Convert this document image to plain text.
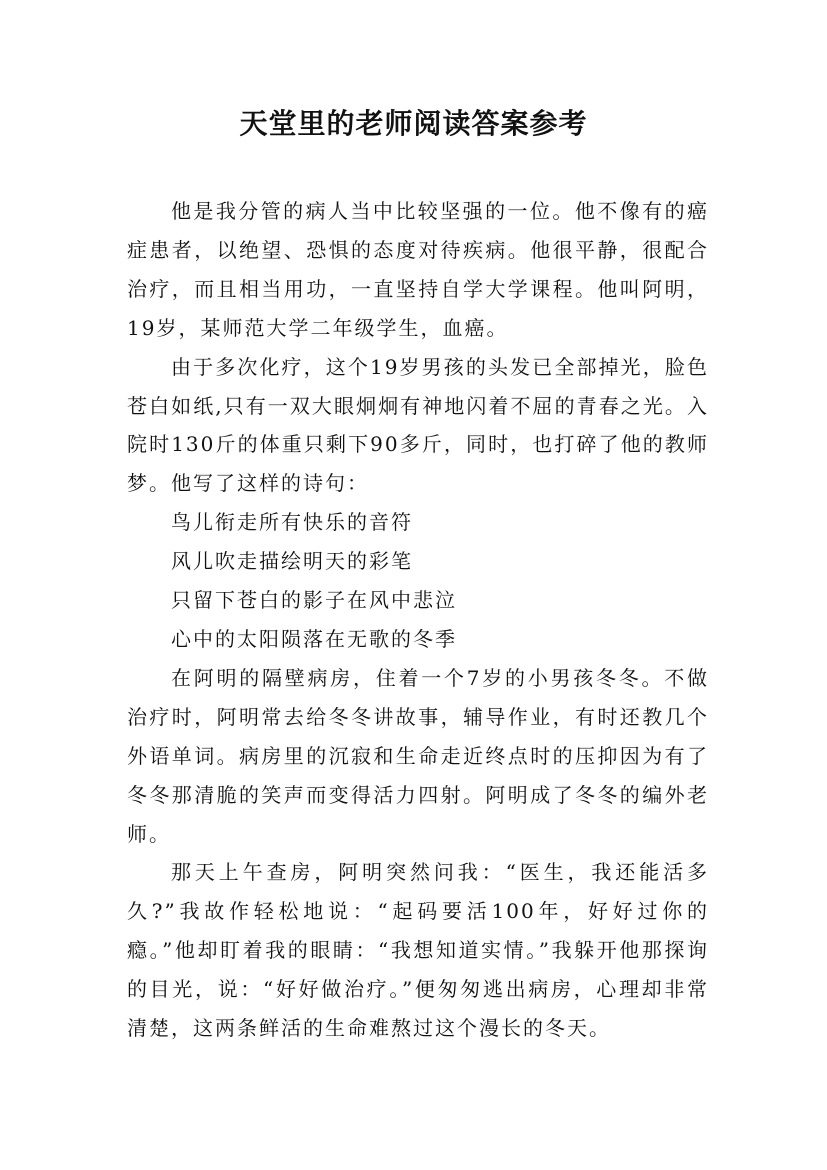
天堂里的老师阅读答案参考

他是我分管的病人当中比较坚强的一位。他不像有的癌症患者，以绝望、恐惧的态度对待疾病。他很平静，很配合治疗，而且相当用功，一直坚持自学大学课程。他叫阿明，19岁，某师范大学二年级学生，血癌。

由于多次化疗，这个19岁男孩的头发已全部掉光，脸色苍白如纸,只有一双大眼炯炯有神地闪着不屈的青春之光。入院时130斤的体重只剩下90多斤，同时，也打碎了他的教师梦。他写了这样的诗句：

鸟儿衔走所有快乐的音符

风儿吹走描绘明天的彩笔

只留下苍白的影子在风中悲泣

心中的太阳陨落在无歌的冬季

在阿明的隔壁病房，住着一个7岁的小男孩冬冬。不做治疗时，阿明常去给冬冬讲故事，辅导作业，有时还教几个外语单词。病房里的沉寂和生命走近终点时的压抑因为有了冬冬那清脆的笑声而变得活力四射。阿明成了冬冬的编外老师。

那天上午查房，阿明突然问我：“医生，我还能活多久?”我故作轻松地说：“起码要活100年，好好过你的瘾。”他却盯着我的眼睛：“我想知道实情。”我躲开他那探询的目光，说：“好好做治疗。”便匆匆逃出病房，心理却非常清楚，这两条鲜活的生命难熬过这个漫长的冬天。
